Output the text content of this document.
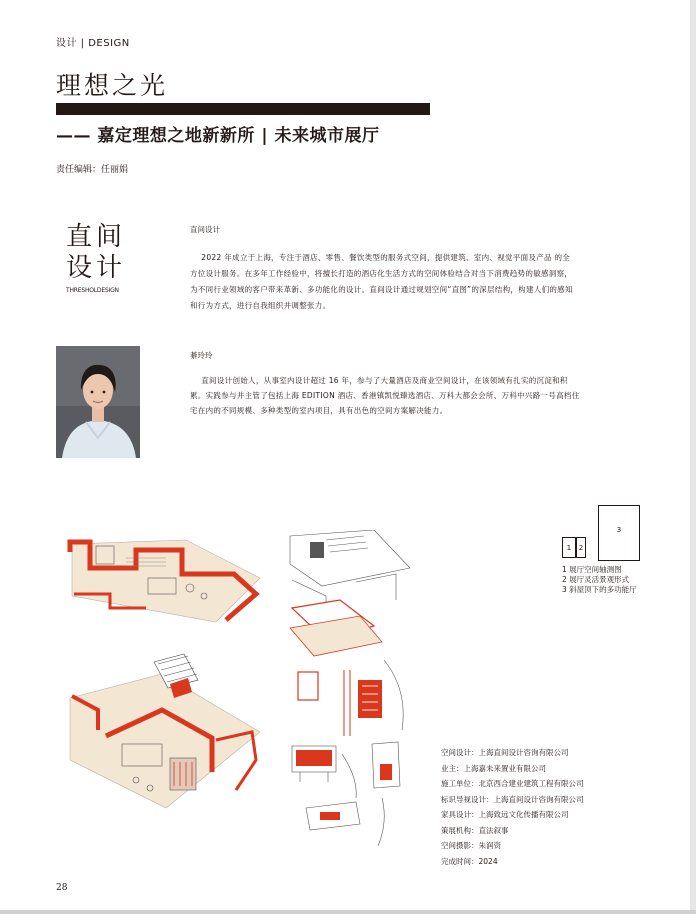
设计 | DESIGN
理想之光
—— 嘉定理想之地新新所 | 未来城市展厅
责任编辑：任丽娟
直间
设计
THRESHOLDESIGN
直间设计

2022 年成立于上海，专注于酒店、零售、餐饮类型的服务式空间，提供建筑、室内、视觉平面及产品 的全方位设计服务。在多年工作经验中，将擅长打造的酒店化生活方式的空间体验结合对当下消费趋势的敏感洞察，为不同行业领域的客户带来革新、多功能化的设计。直间设计通过规划空间“直图”的深层结构，构建人们的感知和行为方式，进行自我组织并调整张力。

綦玲玲

直间设计创始人，从事室内设计超过 16 年，参与了大量酒店及商业空间设计，在该领域有扎实的沉淀和积累。实践参与并主管了包括上海 EDITION 酒店、香港镇凯悦臻选酒店、万科大都会会所、万科中兴路一号高档住宅在内的不同规模、多种类型的室内项目，具有出色的空间方案解决能力。

1	2
3
1 展厅空间轴测图
2 展厅灵活景观形式
3 斜屋顶下的多功能厅
空间设计：上海直间设计咨询有限公司
业主：上海嘉未来置业有限公司
施工单位：北京西合建业建筑工程有限公司
标识导视设计：上海直间设计咨询有限公司
家具设计：上海致远文化传播有限公司
策展机构：直法叙事
空间摄影：朱润资
完成时间：2024
28
